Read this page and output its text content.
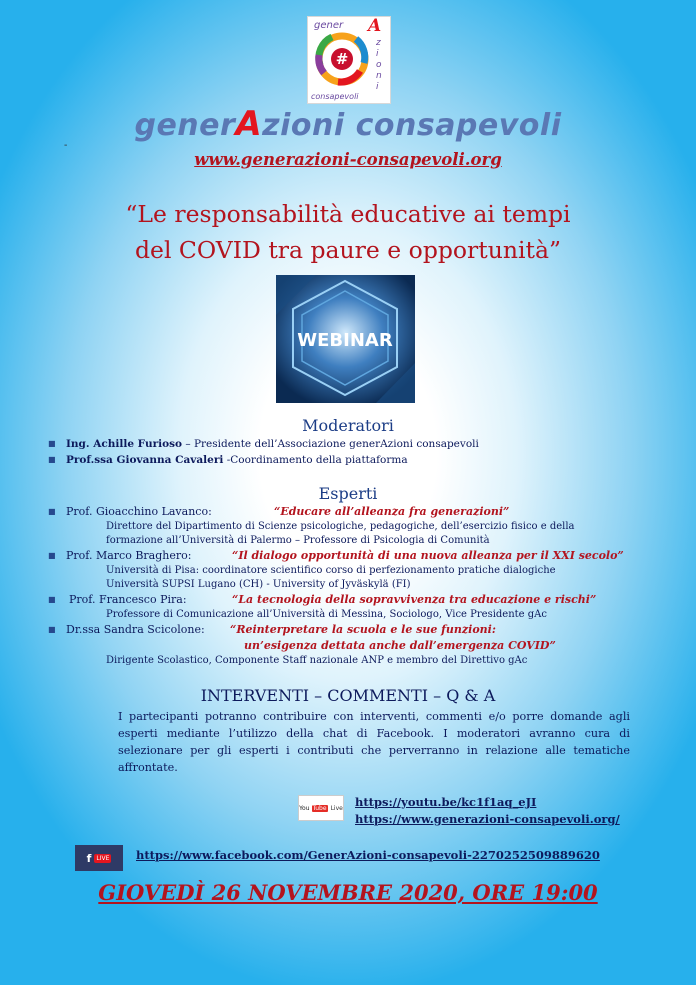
#
gener A
z
i
o
n
i
consapevoli
generAzioni consapevoli
-
www.generazioni-consapevoli.org
“Le responsabilità educative ai tempi
del COVID tra paure e opportunità”
WEBINAR
Moderatori
■ Ing. Achille Furioso – Presidente dell’Associazione generAzioni consapevoli
■ Prof.ssa Giovanna Cavaleri -Coordinamento della piattaforma
Esperti
■ Prof. Gioacchino Lavanco:	“Educare all’alleanza fra generazioni”
Direttore del Dipartimento di Scienze psicologiche, pedagogiche, dell’esercizio fisico e della
formazione all’Università di Palermo – Professore di Psicologia di Comunità
■ Prof. Marco Braghero:	“Il dialogo opportunità di una nuova alleanza per il XXI secolo”
Università di Pisa: coordinatore scientifico corso di perfezionamento pratiche dialogiche
Università SUPSI Lugano (CH) - University of Jyväskylä (FI)
■ Prof. Francesco Pira:	“La tecnologia della sopravvivenza tra educazione e rischi”
Professore di Comunicazione all’Università di Messina, Sociologo, Vice Presidente gAc
■ Dr.ssa Sandra Scicolone: “Reinterpretare la scuola e le sue funzioni:
un’esigenza dettata anche dall’emergenza COVID”
Dirigente Scolastico, Componente Staff nazionale ANP e membro del Direttivo gAc
INTERVENTI – COMMENTI – Q & A
I partecipanti potranno contribuire con interventi, commenti e/o porre domande agli esperti mediante l’utilizzo della chat di Facebook. I moderatori avranno cura di selezionare per gli esperti i contributi che perverranno in relazione alle tematiche affrontate.
You Tube Live https://youtu.be/kc1f1aq_eJI
https://www.generazioni-consapevoli.org/
f LIVE https://www.facebook.com/GenerAzioni-consapevoli-2270252509889620
GIOVEDÌ 26 NOVEMBRE 2020, ORE 19:00
